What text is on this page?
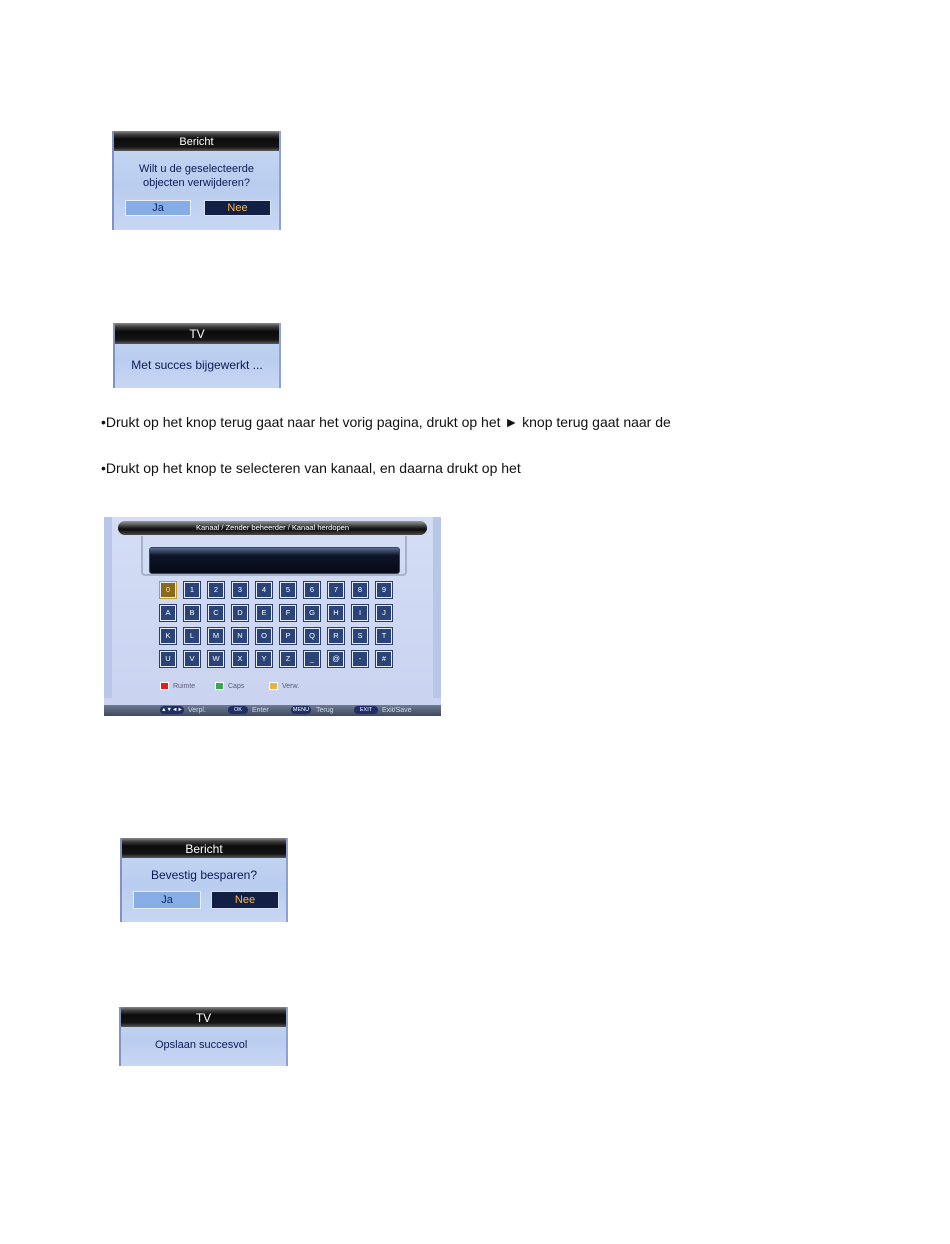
Bericht
Wilt u de geselecteerde
objecten verwijderen?
Ja	Nee
TV
Met succes bijgewerkt ...
•Drukt op het knop terug gaat naar het vorig pagina, drukt op het ► knop terug gaat naar de
•Drukt op het knop te selecteren van kanaal, en daarna drukt op het
Kanaal / Zender beheerder / Kanaal herdopen
0	1	2	3	4	5	6	7	8	9
A	B	C	D	E	F	G	H	I	J
K	L	M	N	O	P	Q	R	S	T
U	V	W	X	Y	Z	_	@	-	#
Ruimte	Caps	Verw.
▲▼◄► Verpl.	OK	Enter	MENU Terug	EXIT	Exit/Save
Bericht
Bevestig besparen?
Ja	Nee
TV
Opslaan succesvol
